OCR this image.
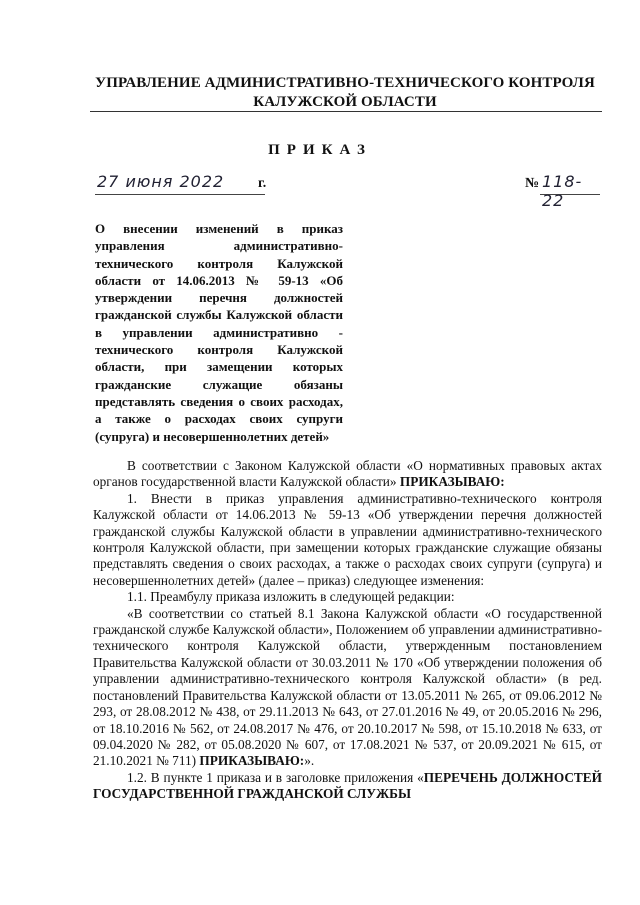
УПРАВЛЕНИЕ АДМИНИСТРАТИВНО-ТЕХНИЧЕСКОГО КОНТРОЛЯ
КАЛУЖСКОЙ ОБЛАСТИ
ПРИКАЗ
27 июня 2022 г.	№ 118-22
О внесении изменений в приказ управления административно-технического контроля Калужской области от 14.06.2013 № 59-13 «Об утверждении перечня должностей гражданской службы Калужской области в управлении административно - технического контроля Калужской области, при замещении которых гражданские служащие обязаны представлять сведения о своих расходах, а также о расходах своих супруги (супруга) и несовершеннолетних детей»

В соответствии с Законом Калужской области «О нормативных правовых актах органов государственной власти Калужской области» ПРИКАЗЫВАЮ:

1. Внести в приказ управления административно-технического контроля Калужской области от 14.06.2013 № 59-13 «Об утверждении перечня должностей гражданской службы Калужской области в управлении административно-технического контроля Калужской области, при замещении которых гражданские служащие обязаны представлять сведения о своих расходах, а также о расходах своих супруги (супруга) и несовершеннолетних детей» (далее – приказ) следующее изменения:

1.1. Преамбулу приказа изложить в следующей редакции:

«В соответствии со статьей 8.1 Закона Калужской области «О государственной гражданской службе Калужской области», Положением об управлении административно-технического контроля Калужской области, утвержденным постановлением Правительства Калужской области от 30.03.2011 № 170 «Об утверждении положения об управлении административно-технического контроля Калужской области» (в ред. постановлений Правительства Калужской области от 13.05.2011 № 265, от 09.06.2012 № 293, от 28.08.2012 № 438, от 29.11.2013 № 643, от 27.01.2016 № 49, от 20.05.2016 № 296, от 18.10.2016 № 562, от 24.08.2017 № 476, от 20.10.2017 № 598, от 15.10.2018 № 633, от 09.04.2020 № 282, от 05.08.2020 № 607, от 17.08.2021 № 537, от 20.09.2021 № 615, от 21.10.2021 № 711) ПРИКАЗЫВАЮ:».

1.2. В пункте 1 приказа и в заголовке приложения «ПЕРЕЧЕНЬ ДОЛЖНОСТЕЙ ГОСУДАРСТВЕННОЙ ГРАЖДАНСКОЙ СЛУЖБЫ
